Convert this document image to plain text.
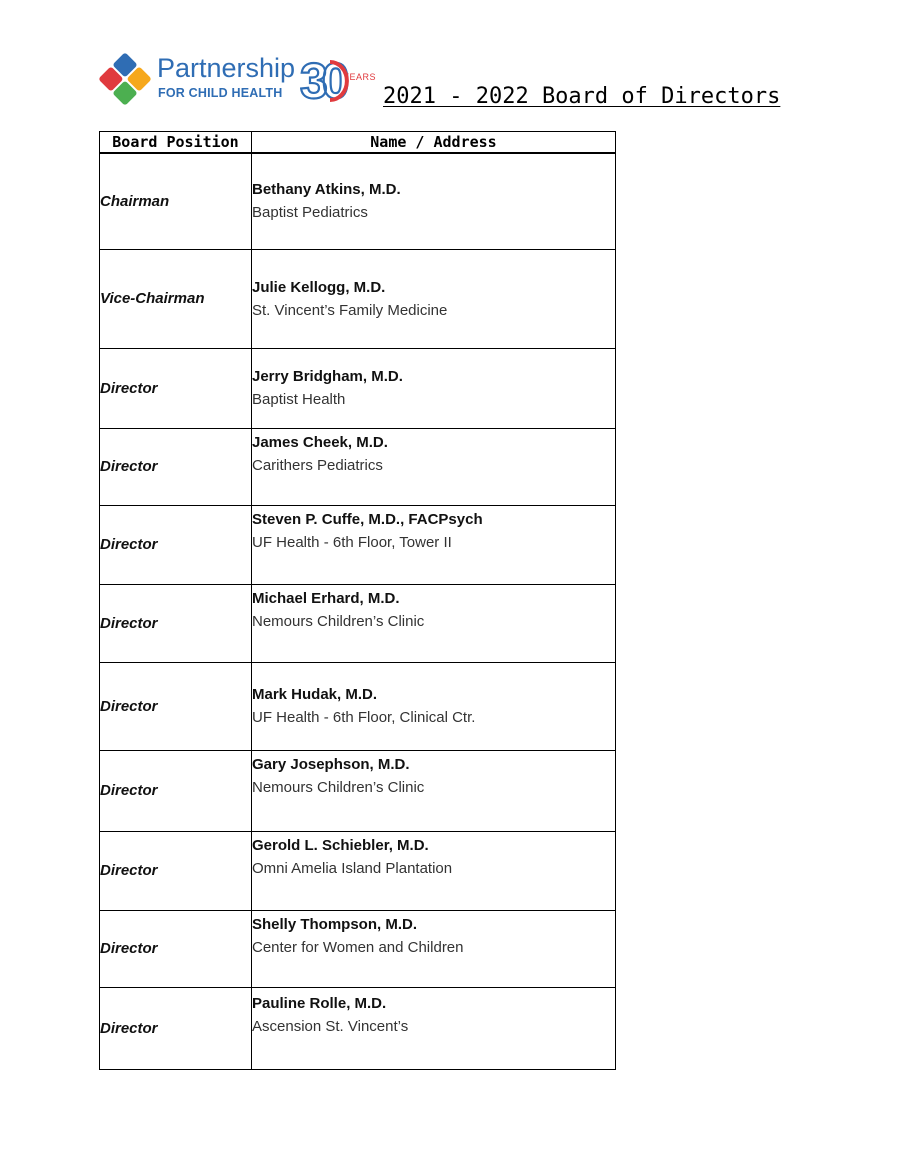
Partnership
FOR CHILD HEALTH 30 YEARS
2021 - 2022 Board of Directors
Board Position	Name / Address
Chairman	Bethany Atkins, M.D.
Baptist Pediatrics

Vice-Chairman	Julie Kellogg, M.D.
St. Vincent’s Family Medicine

Director	Jerry Bridgham, M.D.
Baptist Health

Director	James Cheek, M.D.
Carithers Pediatrics

Director	Steven P. Cuffe, M.D., FACPsych
UF Health - 6th Floor, Tower II

Director	Michael Erhard, M.D.
Nemours Children’s Clinic

Director	Mark Hudak, M.D.
UF Health - 6th Floor, Clinical Ctr.

Director	Gary Josephson, M.D.
Nemours Children’s Clinic

Director	Gerold L. Schiebler, M.D.
Omni Amelia Island Plantation

Director	Shelly Thompson, M.D.
Center for Women and Children

Director	Pauline Rolle, M.D.
Ascension St. Vincent’s
